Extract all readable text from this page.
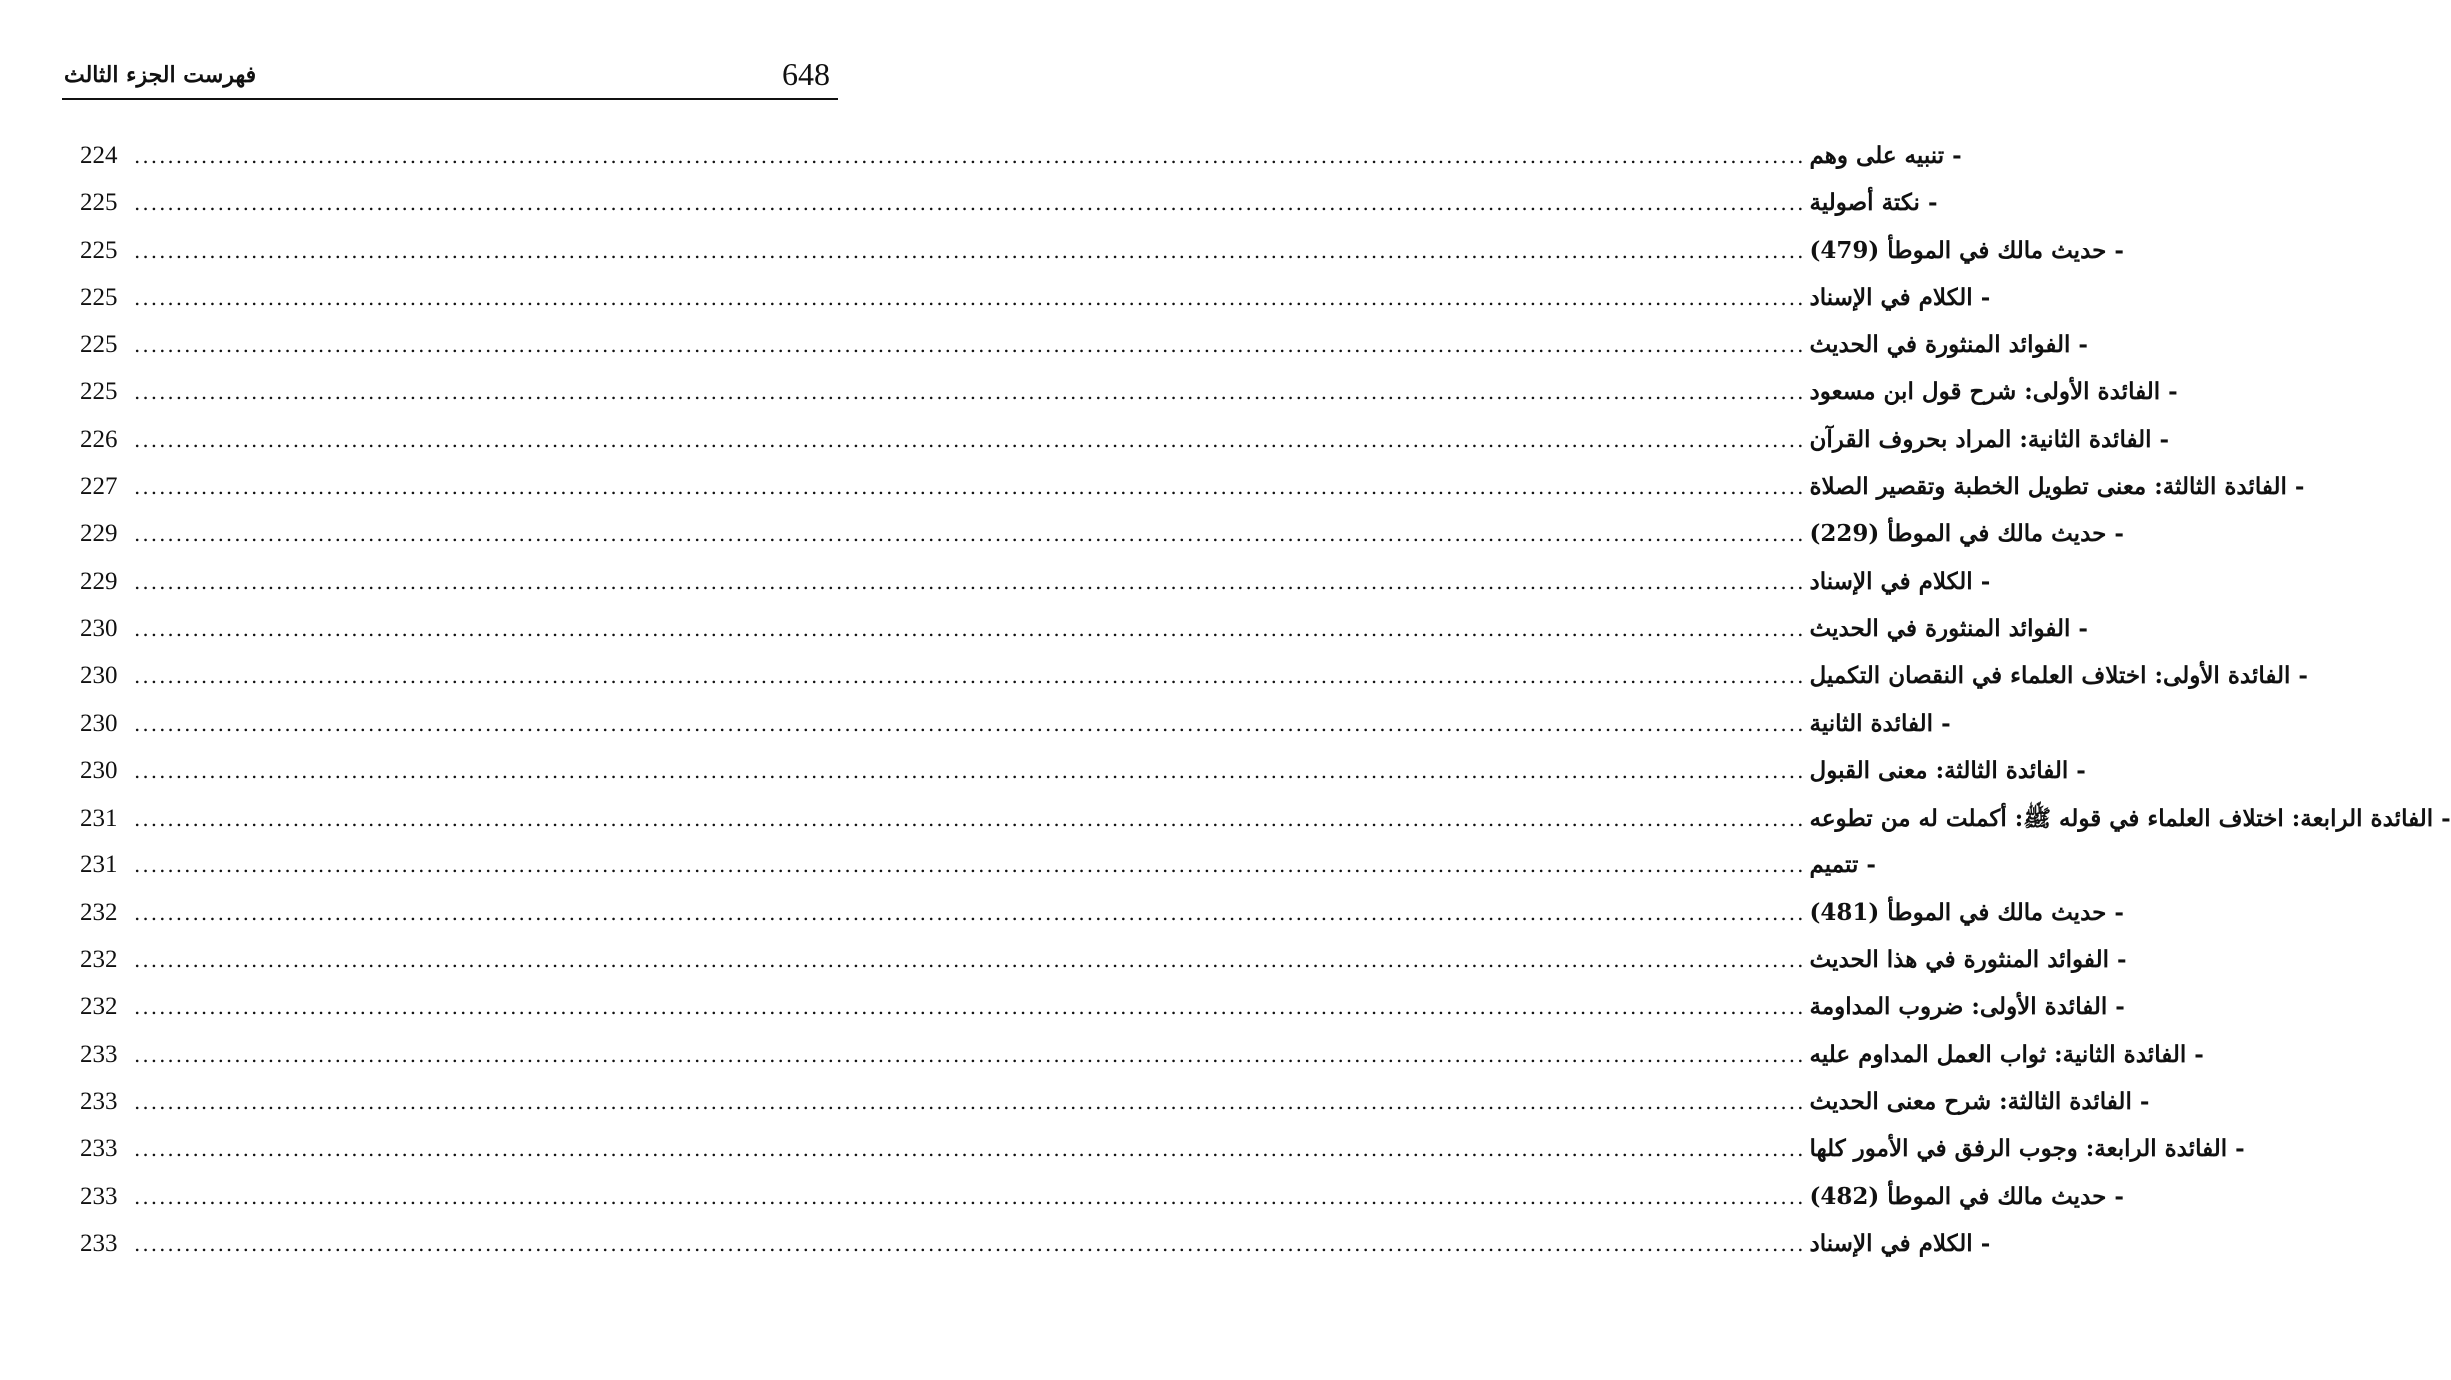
648
فهرست الجزء الثالث
224 ........................................................................................................................................................................................................ - تنبيه على وهم
225 ........................................................................................................................................................................................................ - نكتة أصولية
225 ........................................................................................................................................................................................................ - حديث مالك في الموطأ (479)
225 ........................................................................................................................................................................................................ - الكلام في الإسناد
225 ........................................................................................................................................................................................................ - الفوائد المنثورة في الحديث
225 ........................................................................................................................................................................................................ - الفائدة الأولى: شرح قول ابن مسعود
226 ........................................................................................................................................................................................................ - الفائدة الثانية: المراد بحروف القرآن
227 ........................................................................................................................................................................................................ - الفائدة الثالثة: معنى تطويل الخطبة وتقصير الصلاة
229 ........................................................................................................................................................................................................ - حديث مالك في الموطأ (229)
229 ........................................................................................................................................................................................................ - الكلام في الإسناد
230 ........................................................................................................................................................................................................ - الفوائد المنثورة في الحديث
230 ........................................................................................................................................................................................................ - الفائدة الأولى: اختلاف العلماء في النقصان التكميل
230 ........................................................................................................................................................................................................ - الفائدة الثانية
230 ........................................................................................................................................................................................................ - الفائدة الثالثة: معنى القبول
231 ........................................................................................................................................................................................................ - الفائدة الرابعة: اختلاف العلماء في قوله ﷺ: أكملت له من تطوعه
231 ........................................................................................................................................................................................................ - تتميم
232 ........................................................................................................................................................................................................ - حديث مالك في الموطأ (481)
232 ........................................................................................................................................................................................................ - الفوائد المنثورة في هذا الحديث
232 ........................................................................................................................................................................................................ - الفائدة الأولى: ضروب المداومة
233 ........................................................................................................................................................................................................ - الفائدة الثانية: ثواب العمل المداوم عليه
233 ........................................................................................................................................................................................................ - الفائدة الثالثة: شرح معنى الحديث
233 ........................................................................................................................................................................................................ - الفائدة الرابعة: وجوب الرفق في الأمور كلها
233 ........................................................................................................................................................................................................ - حديث مالك في الموطأ (482)
233 ........................................................................................................................................................................................................ - الكلام في الإسناد
